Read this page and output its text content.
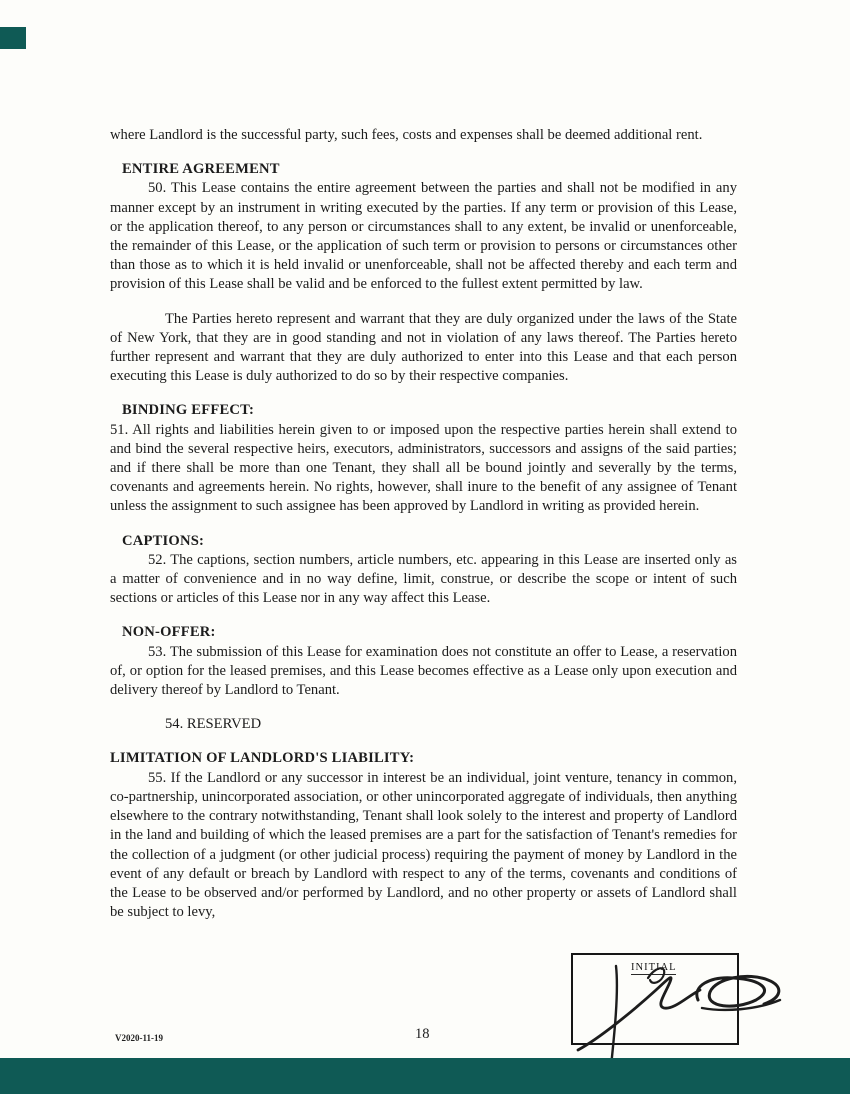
where Landlord is the successful party, such fees, costs and expenses shall be deemed additional rent.

ENTIRE AGREEMENT

50. This Lease contains the entire agreement between the parties and shall not be modified in any manner except by an instrument in writing executed by the parties. If any term or provision of this Lease, or the application thereof, to any person or circumstances shall to any extent, be invalid or unenforceable, the remainder of this Lease, or the application of such term or provision to persons or circumstances other than those as to which it is held invalid or unenforceable, shall not be affected thereby and each term and provision of this Lease shall be valid and be enforced to the fullest extent permitted by law.

The Parties hereto represent and warrant that they are duly organized under the laws of the State of New York, that they are in good standing and not in violation of any laws thereof. The Parties hereto further represent and warrant that they are duly authorized to enter into this Lease and that each person executing this Lease is duly authorized to do so by their respective companies.

BINDING EFFECT:

51. All rights and liabilities herein given to or imposed upon the respective parties herein shall extend to and bind the several respective heirs, executors, administrators, successors and assigns of the said parties; and if there shall be more than one Tenant, they shall all be bound jointly and severally by the terms, covenants and agreements herein. No rights, however, shall inure to the benefit of any assignee of Tenant unless the assignment to such assignee has been approved by Landlord in writing as provided herein.

CAPTIONS:

52. The captions, section numbers, article numbers, etc. appearing in this Lease are inserted only as a matter of convenience and in no way define, limit, construe, or describe the scope or intent of such sections or articles of this Lease nor in any way affect this Lease.

NON-OFFER:

53. The submission of this Lease for examination does not constitute an offer to Lease, a reservation of, or option for the leased premises, and this Lease becomes effective as a Lease only upon execution and delivery thereof by Landlord to Tenant.

54. RESERVED

LIMITATION OF LANDLORD'S LIABILITY:

55. If the Landlord or any successor in interest be an individual, joint venture, tenancy in common, co-partnership, unincorporated association, or other unincorporated aggregate of individuals, then anything elsewhere to the contrary notwithstanding, Tenant shall look solely to the interest and property of Landlord in the land and building of which the leased premises are a part for the satisfaction of Tenant's remedies for the collection of a judgment (or other judicial process) requiring the payment of money by Landlord in the event of any default or breach by Landlord with respect to any of the terms, covenants and conditions of the Lease to be observed and/or performed by Landlord, and no other property or assets of Landlord shall be subject to levy,

V2020-11-19	18
INITIAL
